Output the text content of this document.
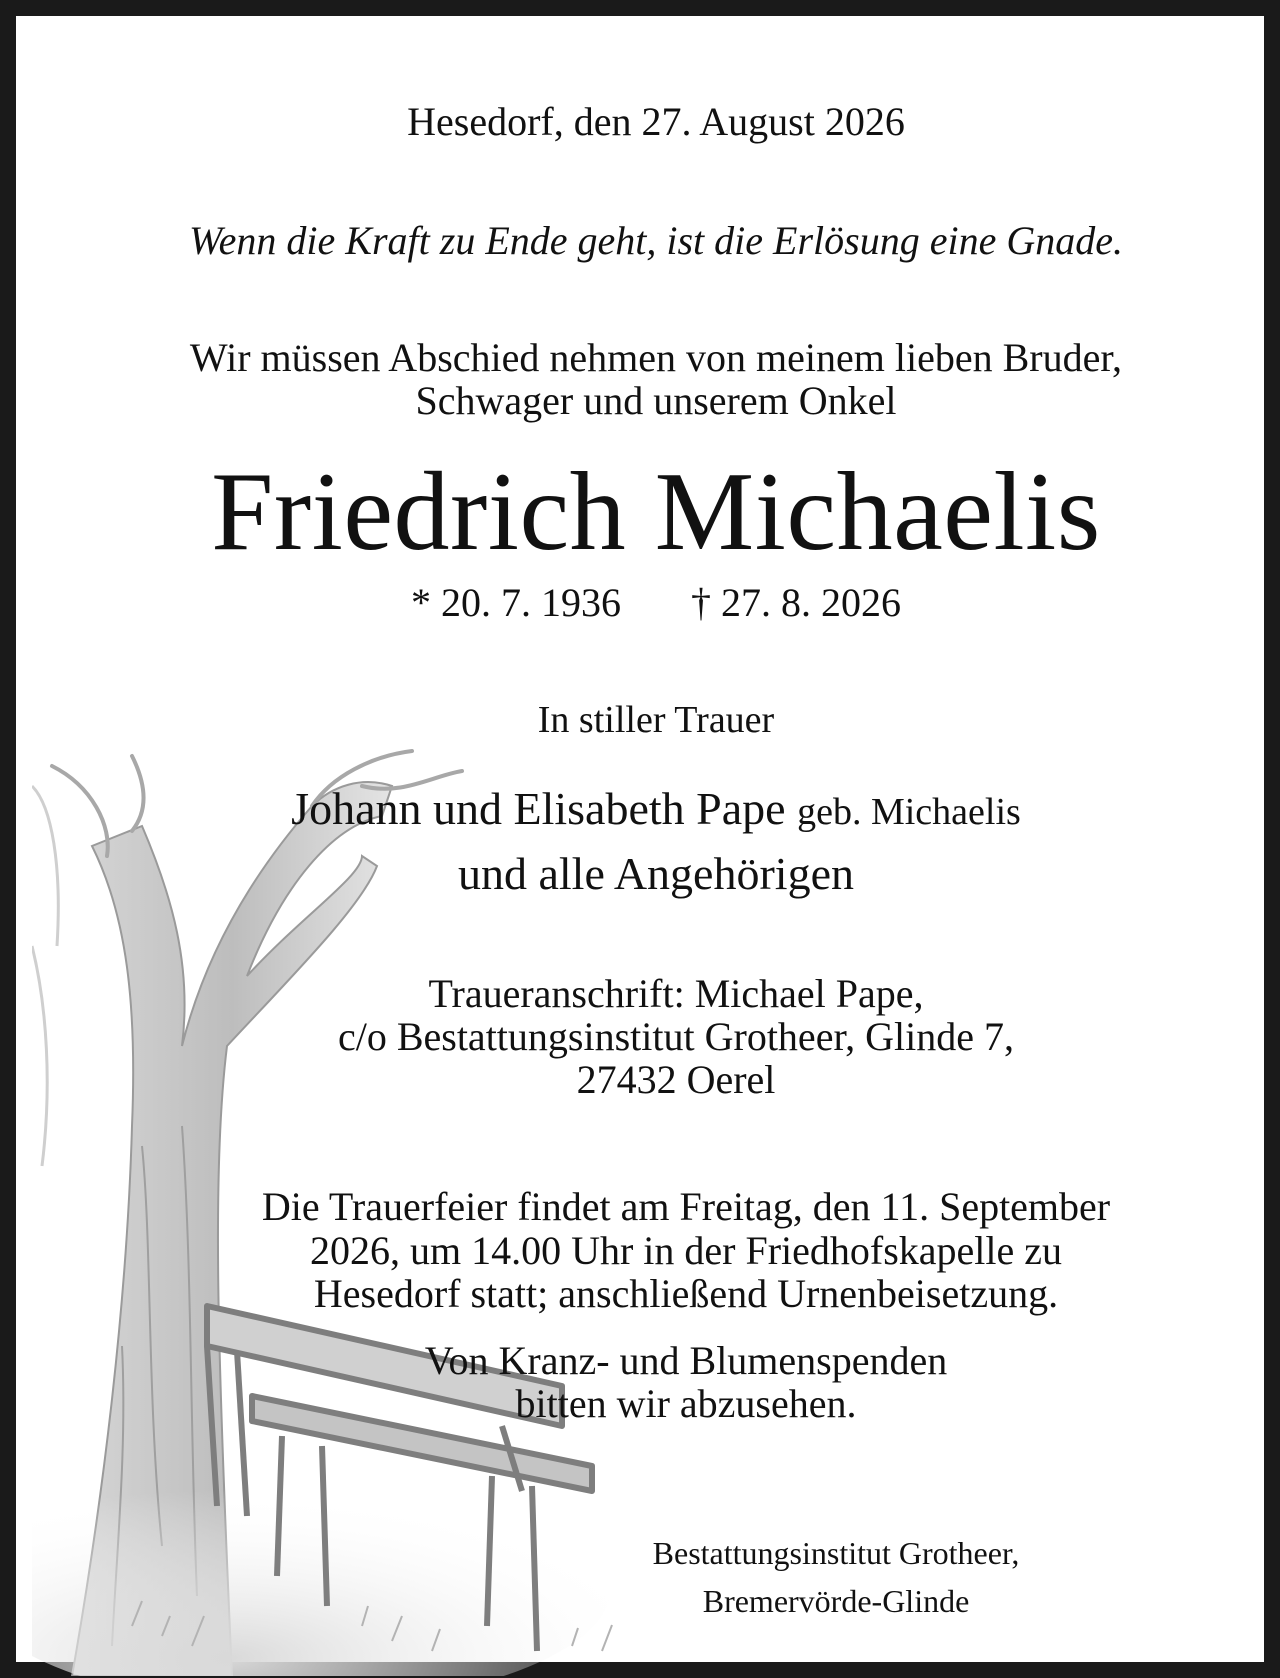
Hesedorf, den 27. August 2026
Wenn die Kraft zu Ende geht, ist die Erlösung eine Gnade.
Wir müssen Abschied nehmen von meinem lieben Bruder,
Schwager und unserem Onkel
Friedrich Michaelis
* 20. 7. 1936 † 27. 8. 2026
In stiller Trauer
Johann und Elisabeth Pape geb. Michaelis
und alle Angehörigen
Traueranschrift: Michael Pape,
c/o Bestattungsinstitut Grotheer, Glinde 7,
27432 Oerel
Die Trauerfeier findet am Freitag, den 11. September
2026, um 14.00 Uhr in der Friedhofskapelle zu
Hesedorf statt; anschließend Urnenbeisetzung.
Von Kranz- und Blumenspenden
bitten wir abzusehen.
Bestattungsinstitut Grotheer,
Bremervörde-Glinde
